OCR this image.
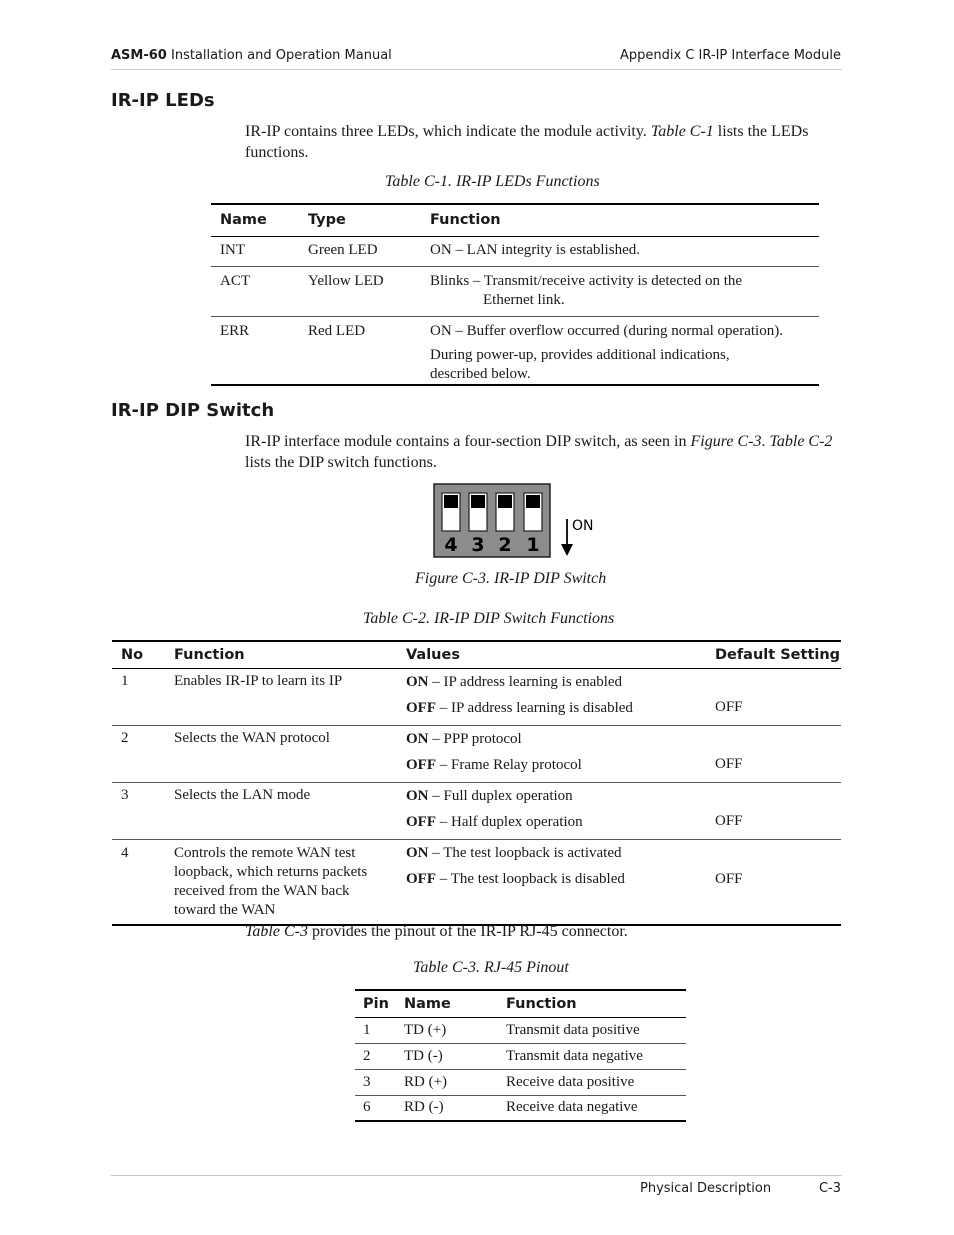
ASM-60 Installation and Operation Manual	Appendix C IR-IP Interface Module
IR-IP LEDs
IR-IP contains three LEDs, which indicate the module activity. Table C-1 lists the LEDs functions.
Table C-1. IR-IP LEDs Functions
Name	Type	Function
INT	Green LED	ON – LAN integrity is established.
ACT	Yellow LED	Blinks – Transmit/receive activity is detected on the
Ethernet link.

ERR	Red LED	ON – Buffer overflow occurred (during normal operation).
During power-up, provides additional indications, described below.
IR-IP DIP Switch
IR-IP interface module contains a four-section DIP switch, as seen in Figure C-3. Table C-2 lists the DIP switch functions.
4 3 2 1
ON
Figure C-3. IR-IP DIP Switch
Table C-2. IR-IP DIP Switch Functions
No	Function	Values	Default Setting
1	Enables IR-IP to learn its IP	ON – IP address learning is enabled
OFF – IP address learning is disabled	OFF

2	Selects the WAN protocol	ON – PPP protocol
OFF – Frame Relay protocol	OFF

3	Selects the LAN mode	ON – Full duplex operation
OFF – Half duplex operation	OFF

4	Controls the remote WAN test loopback, which returns packets received from the WAN back toward the WAN	ON – The test loopback is activated
OFF – The test loopback is disabled	OFF
Table C-3 provides the pinout of the IR-IP RJ-45 connector.
Table C-3. RJ-45 Pinout
Pin	Name	Function
1	TD (+)	Transmit data positive
2	TD (-)	Transmit data negative
3	RD (+)	Receive data positive
6	RD (-)	Receive data negative
Physical Description	C-3
